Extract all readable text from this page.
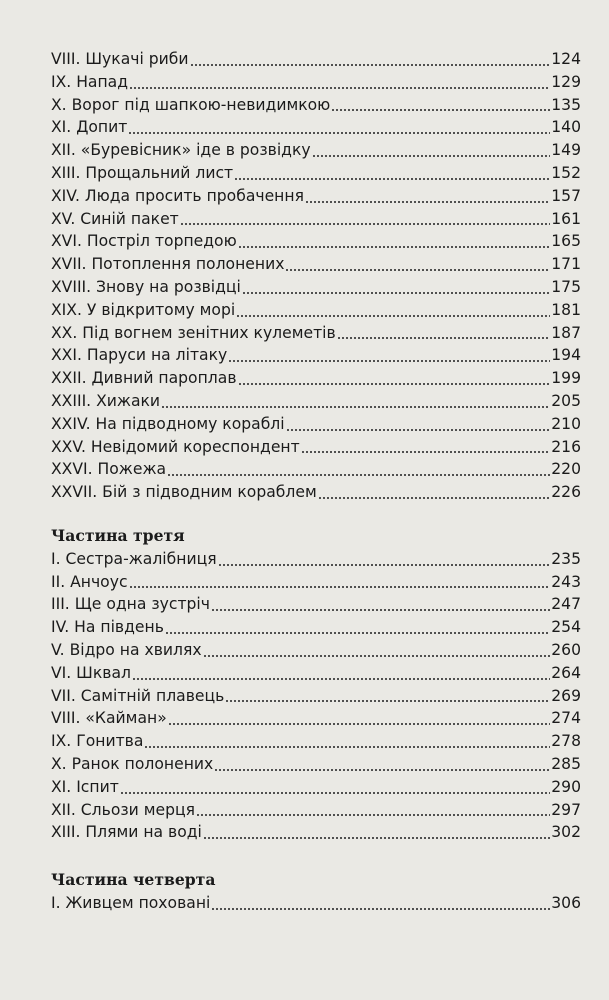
VIII. Шукачі риби	124
IX. Напад	129
X. Ворог під шапкою-невидимкою	135
XI. Допит	140
XII. «Буревісник» іде в розвідку	149
XIII. Прощальний лист	152
XIV. Люда просить пробачення	157
XV. Синій пакет	161
XVI. Постріл торпедою	165
XVII. Потоплення полонених	171
XVIII. Знову на розвідці	175
XIX. У відкритому морі	181
XX. Під вогнем зенітних кулеметів	187
XXI. Паруси на літаку	194
XXII. Дивний пароплав	199
XXIII. Хижаки	205
XXIV. На підводному кораблі	210
XXV. Невідомий кореспондент	216
XXVI. Пожежа	220
XXVII. Бій з підводним кораблем	226
Частина третя
I. Сестра-жалібниця	235
II. Анчоус	243
III. Ще одна зустріч	247
IV. На південь	254
V. Відро на хвилях	260
VI. Шквал	264
VII. Самітній плавець	269
VIII. «Кайман»	274
IX. Гонитва	278
X. Ранок полонених	285
XI. Іспит	290
XII. Сльози мерця	297
XIII. Плями на воді	302
Частина четверта
I. Живцем поховані	306
